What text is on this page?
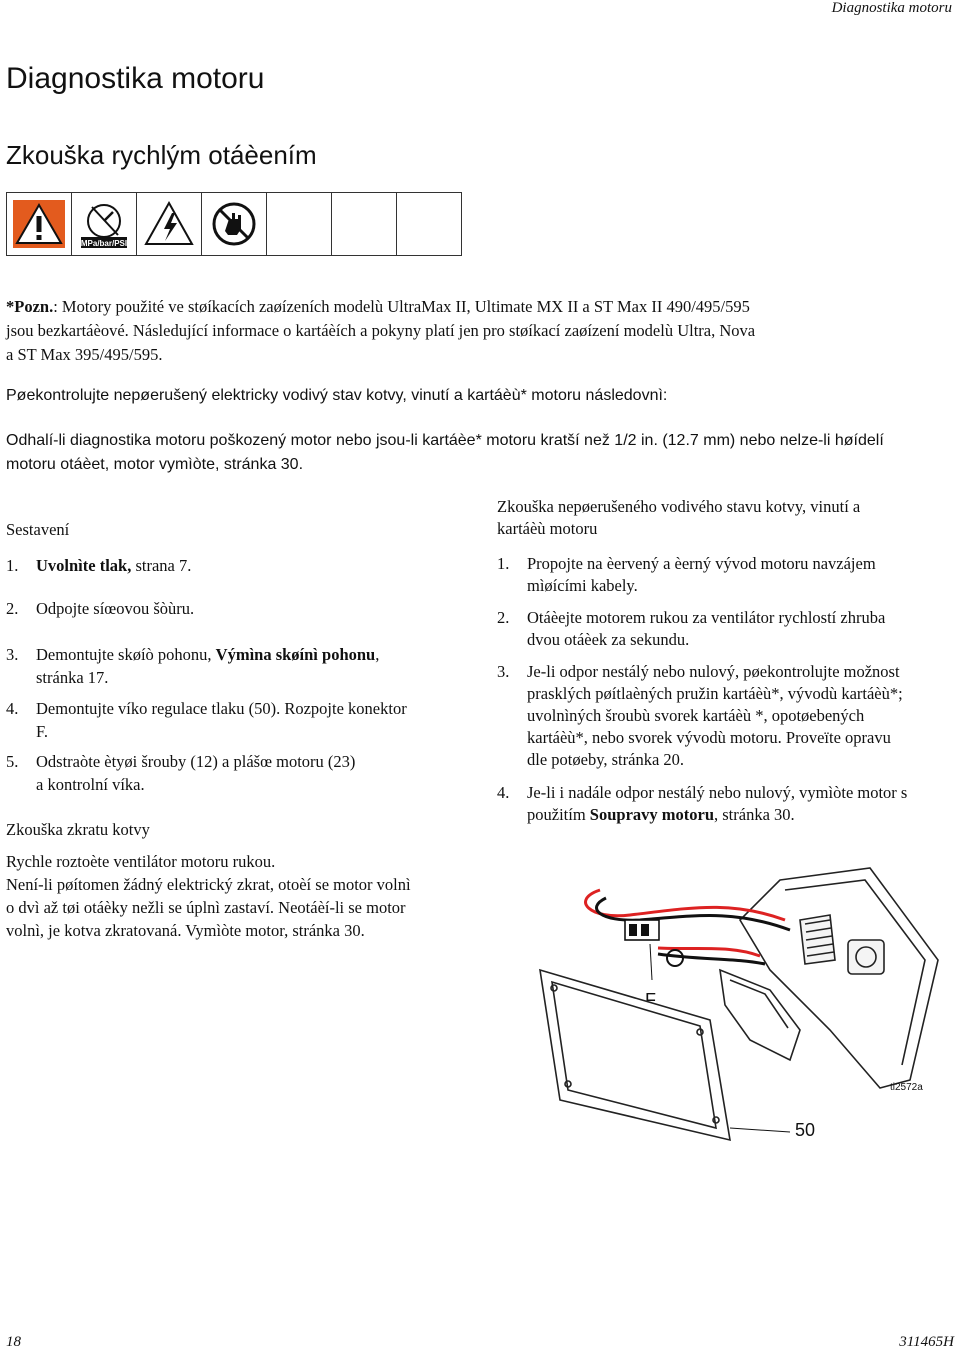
Diagnostika motoru
Diagnostika motoru
Zkouška rychlým otáèením
MPa/bar/PSI
*Pozn.: Motory použité ve støíkacích zaøízeních modelù UltraMax II, Ultimate MX II a ST Max II 490/495/595
jsou bezkartáèové. Následující informace o kartáèích a pokyny platí jen pro støíkací zaøízení modelù Ultra, Nova
a ST Max 395/495/595.
Pøekontrolujte nepøerušený elektricky vodivý stav kotvy, vinutí a kartáèù* motoru následovnì:
Odhalí-li diagnostika motoru poškozený motor nebo jsou-li kartáèe* motoru kratší než 1/2 in. (12.7 mm) nebo nelze-li høídelí
motoru otáèet, motor vymìòte, stránka 30.
Sestavení
1.	Uvolnìte tlak, strana 7.
2.	Odpojte síœovou šòùru.
3.	Demontujte skøíò pohonu, Výmìna skøínì pohonu,
stránka 17.
4.	Demontujte víko regulace tlaku (50). Rozpojte konektor
F.
5.	Odstraòte ètyøi šrouby (12) a plášœ motoru (23)
a kontrolní víka.
Zkouška zkratu kotvy
Rychle roztoète ventilátor motoru rukou.
Není-li pøítomen žádný elektrický zkrat, otoèí se motor volnì
o dvì až tøi otáèky nežli se úplnì zastaví. Neotáèí-li se motor
volnì, je kotva zkratovaná. Vymìòte motor, stránka 30.
Zkouška nepøerušeného vodivého stavu kotvy, vinutí a
kartáèù motoru
1.	Propojte na èervený a èerný vývod motoru navzájem
mìøícími kabely.
2.	Otáèejte motorem rukou za ventilátor rychlostí zhruba
dvou otáèek za sekundu.
3.	Je-li odpor nestálý nebo nulový, pøekontrolujte možnost
prasklých pøítlaèných pružin kartáèù*, vývodù kartáèù*;
uvolnìných šroubù svorek kartáèù *, opotøebených
kartáèù*, nebo svorek vývodù motoru. Proveïte opravu
dle potøeby, stránka 20.
4.	Je-li i nadále odpor nestálý nebo nulový, vymìòte motor s
použitím Soupravy motoru, stránka 30.
F
ti2572a
50
18	311465H
